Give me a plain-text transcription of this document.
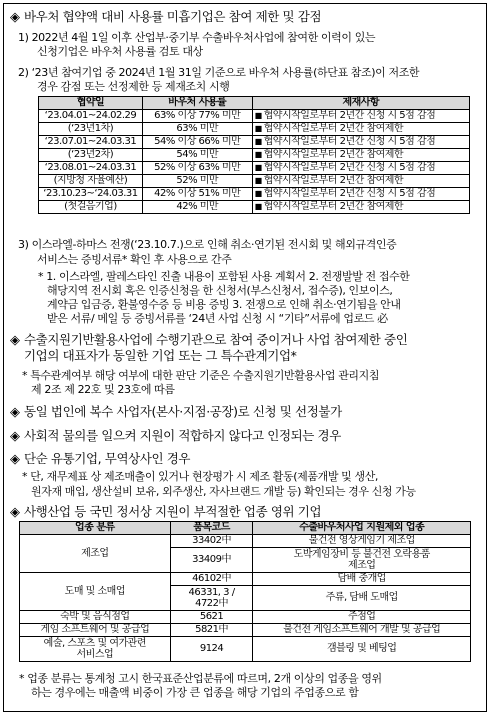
◈ 바우처 협약액 대비 사용률 미흡기업은 참여 제한 및 감점
1) 2022년 4월 1일 이후 산업부·중기부 수출바우처사업에 참여한 이력이 있는
신청기업은 바우처 사용률 검토 대상
2) ‘23년 참여기업 중 2024년 1월 31일 기준으로 바우처 사용률(하단표 참조)이 저조한
경우 감점 또는 선정제한 등 제재조치 시행
협약일	바우처 사용률	제재사항
‘23.04.01~24.02.29	63% 이상 77% 미만	■ 협약시작일로부터 2년간 신청 시 5점 감점
(‘23년1차)	63% 미만	■ 협약시작일로부터 2년간 참여제한
‘23.07.01~24.03.31	54% 이상 66% 미만	■ 협약시작일로부터 2년간 신청 시 5점 감점
(‘23년2차)	54% 미만	■ 협약시작일로부터 2년간 참여제한
‘23.08.01~24.03.31	52% 이상 63% 미만	■ 협약시작일로부터 2년간 신청 시 5점 감점
(지방청 자율예산)	52% 미만	■ 협약시작일로부터 2년간 참여제한
‘23.10.23~‘24.03.31	42% 이상 51% 미만	■ 협약시작일로부터 2년간 신청 시 5점 감점
(첫걸음기업)	42% 미만	■ 협약시작일로부터 2년간 참여제한
3) 이스라엘-하마스 전쟁(‘23.10.7.)으로 인해 취소·연기된 전시회 및 해외규격인증
서비스는 증빙서류* 확인 후 사용으로 간주
* 1. 이스라엘, 팔레스타인 진출 내용이 포함된 사용 계획서 2. 전쟁발발 전 접수한
해당지역 전시회 혹은 인증신청을 한 신청서(부스신청서, 접수증), 인보이스,
계약금 입금증, 환불영수증 등 비용 증빙 3. 전쟁으로 인해 취소·연기됨을 안내
받은 서류/ 메일 등 증빙서류를 ‘24년 사업 신청 시 “기타”서류에 업로드 必
◈ 수출지원기반활용사업에 수행기관으로 참여 중이거나 사업 참여제한 중인
기업의 대표자가 동일한 기업 또는 그 특수관계기업*
* 특수관계여부 해당 여부에 대한 판단 기준은 수출지원기반활용사업 관리지침
제 2조 제 22호 및 23호에 따름
◈ 동일 법인에 복수 사업자(본사·지점·공장)로 신청 및 선정불가
◈ 사회적 물의를 일으켜 지원이 적합하지 않다고 인정되는 경우
◈ 단순 유통기업, 무역상사인 경우
* 단, 재무제표 상 제조매출이 있거나 현장평가 시 제조 활동(제품개발 및 생산,
원자재 매입, 생산설비 보유, 외주생산, 자사브랜드 개발 등) 확인되는 경우 신청 가능
◈ 사행산업 등 국민 정서상 지원이 부적절한 업종 영위 기업
업종 분류	품목코드	수출바우처사업 지원제외 업종
제조업	33402中	불건전 영상게임기 제조업
	33409中	도박게임장비 등 불건전 오락용품
제조업
도매 및 소매업	46102中	담배 중개업
	46331, 3 /
4722中	주류, 담배 도매업
숙박 및 음식점업	5621	주점업
게임 소프트웨어 및 공급업	5821中	불건전 게임소프트웨어 개발 및 공급업
예술, 스포츠 및 여가관련
서비스업	9124	갬블링 및 베팅업
* 업종 분류는 통계청 고시 한국표준산업분류에 따르며, 2개 이상의 업종을 영위
하는 경우에는 매출액 비중이 가장 큰 업종을 해당 기업의 주업종으로 함
